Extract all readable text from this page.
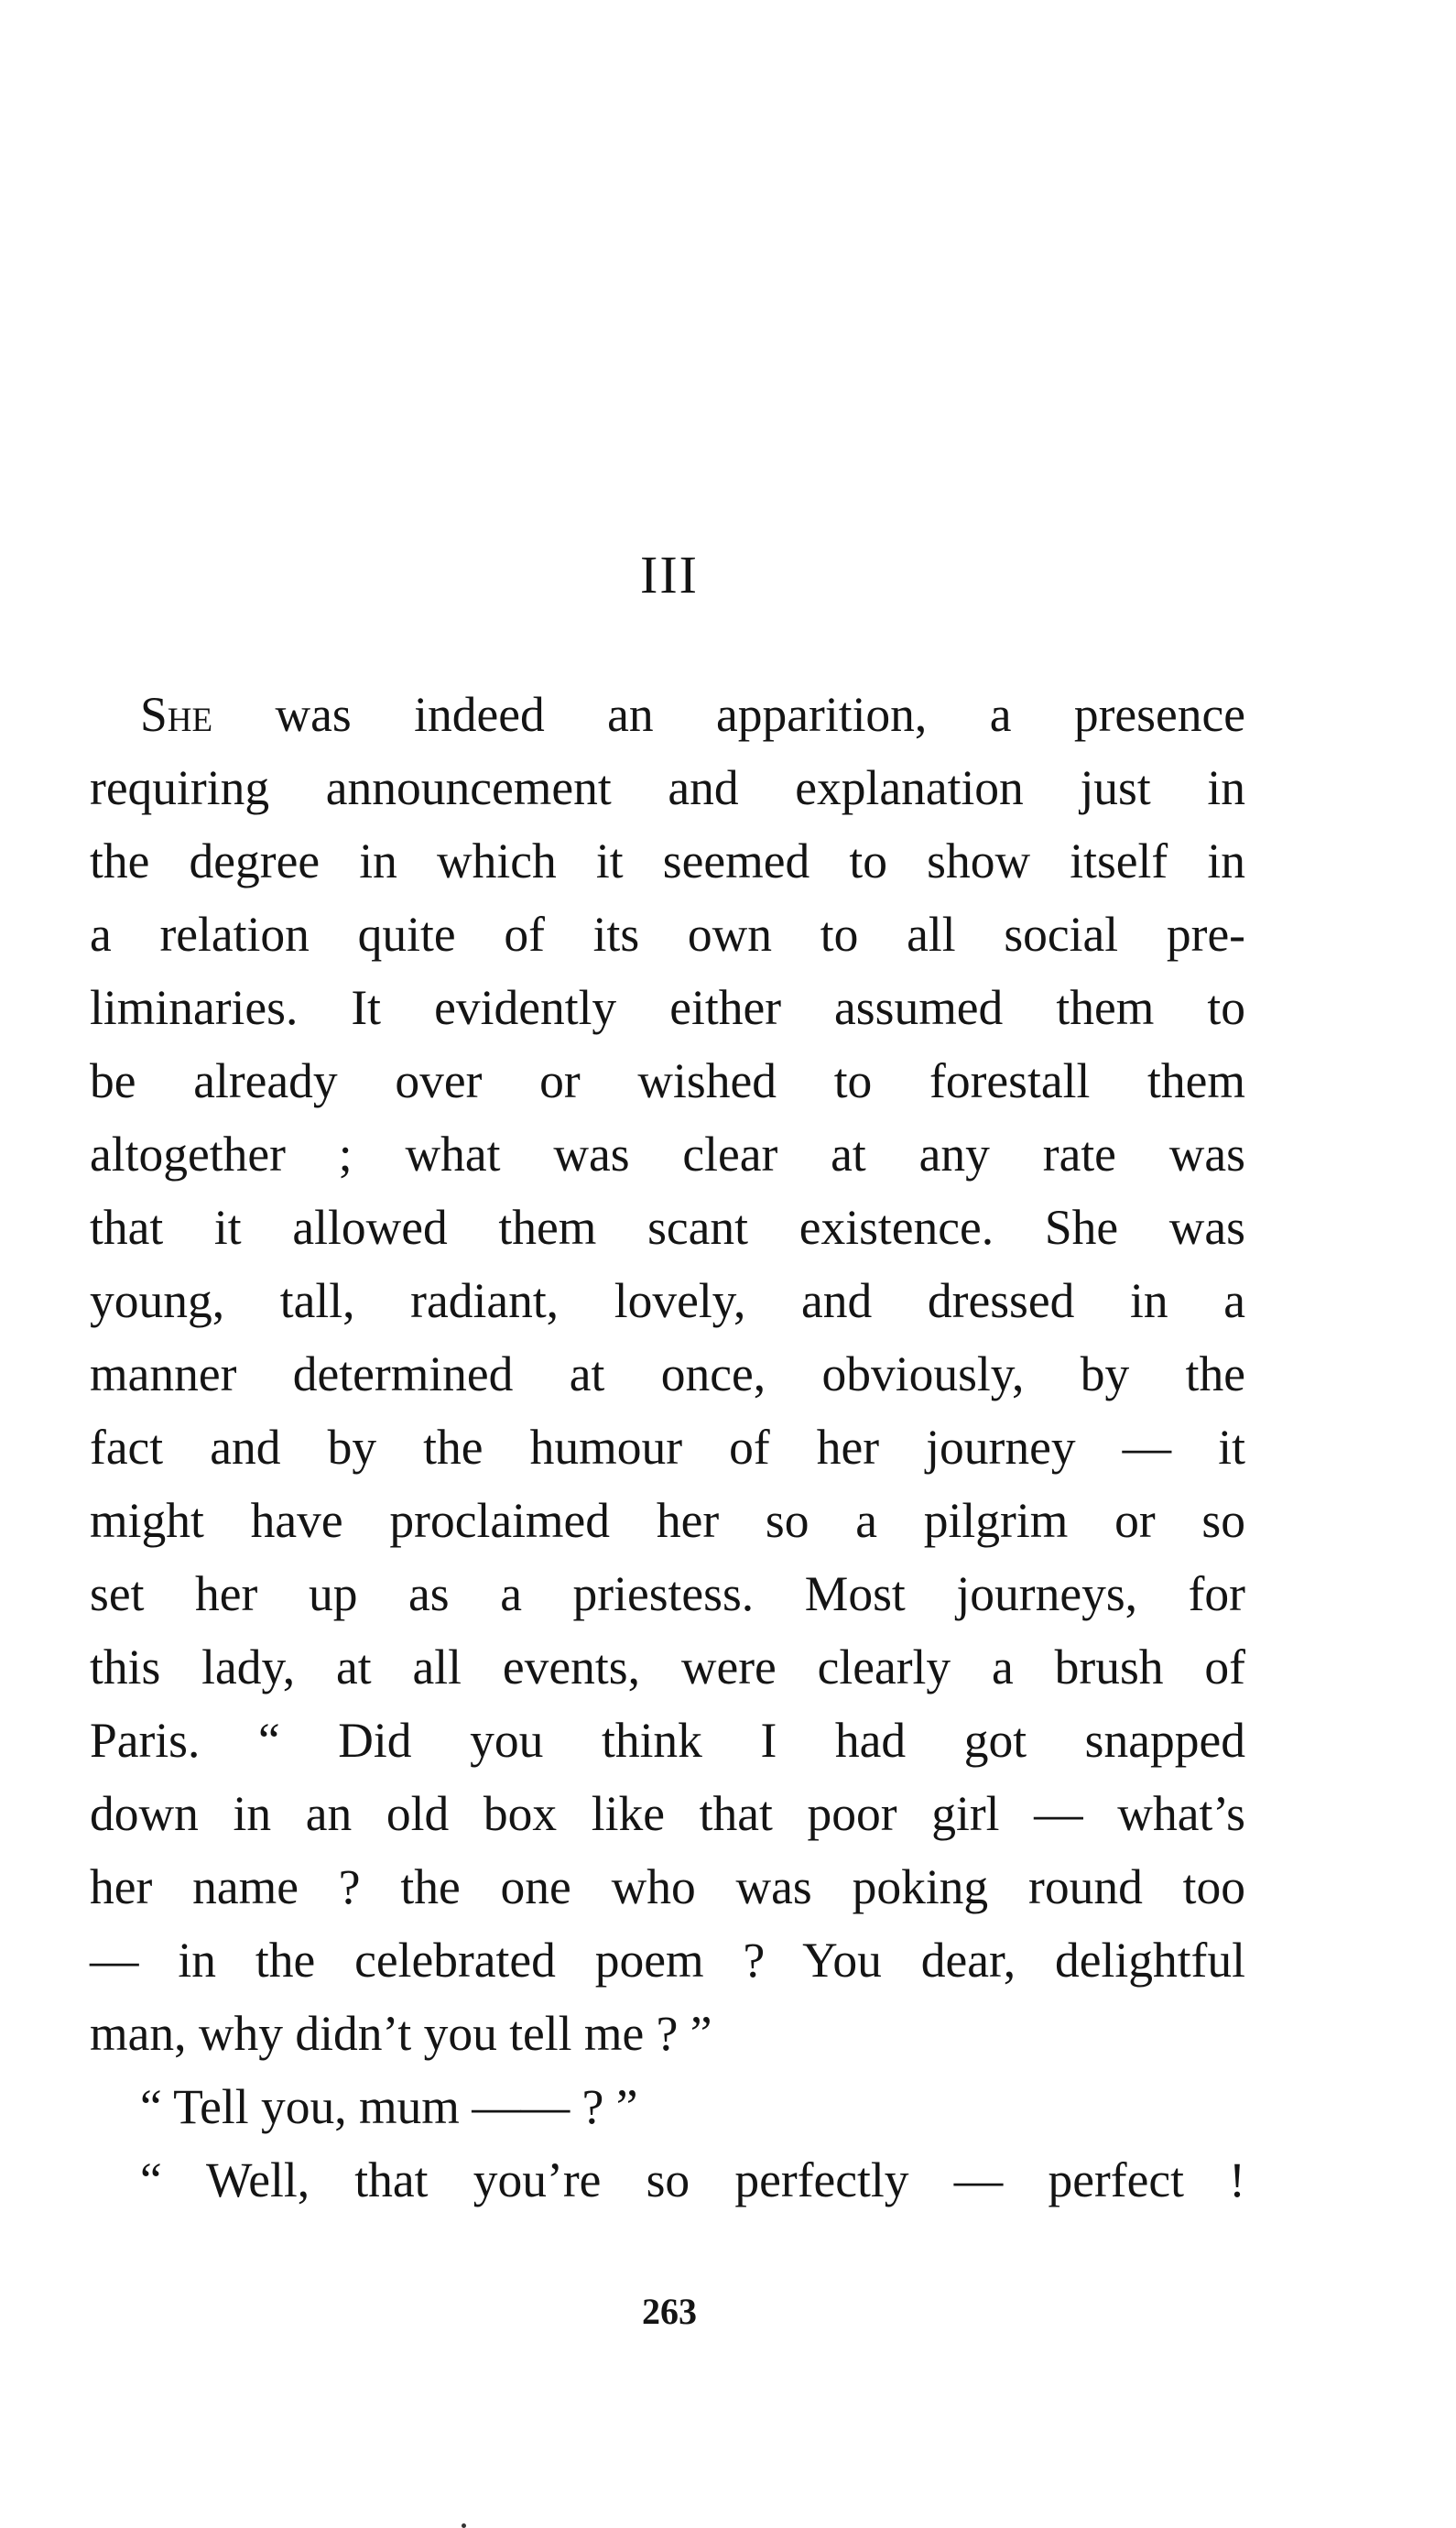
III
She was indeed an apparition, a presence
requiring announcement and explanation just in
the degree in which it seemed to show itself in
a relation quite of its own to all social pre-
liminaries. It evidently either assumed them to
be already over or wished to forestall them
altogether ; what was clear at any rate was
that it allowed them scant existence. She was
young, tall, radiant, lovely, and dressed in a
manner determined at once, obviously, by the
fact and by the humour of her journey — it
might have proclaimed her so a pilgrim or so
set her up as a priestess. Most journeys, for
this lady, at all events, were clearly a brush of
Paris. “ Did you think I had got snapped
down in an old box like that poor girl — what’s
her name ? the one who was poking round too
— in the celebrated poem ? You dear, delightful
man, why didn’t you tell me ? ”
“ Tell you, mum —— ? ”
“ Well, that you’re so perfectly — perfect !
263
